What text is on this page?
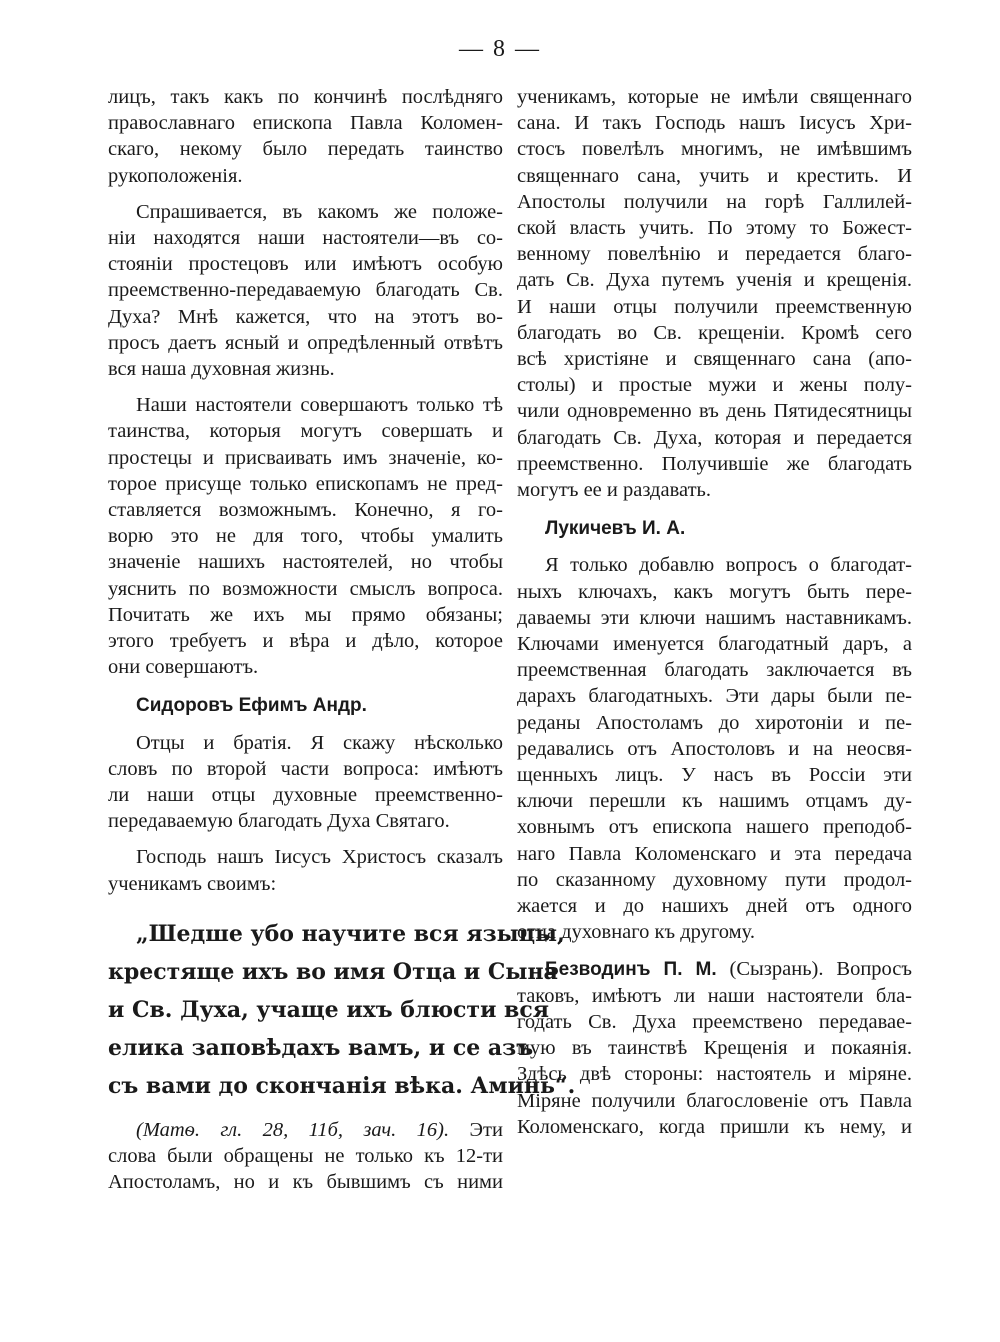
— 8 —
лицъ, такъ какъ по кончинѣ послѣдняго
православнаго епископа Павла Коломен-
скаго, некому было передать таинство
рукоположенія.
Спрашивается, въ какомъ же положе-
ніи находятся наши настоятели—въ со-
стояніи простецовъ или имѣютъ особую
преемственно-передаваемую благодать Св.
Духа? Мнѣ кажется, что на этотъ во-
просъ даетъ ясный и опредѣленный отвѣтъ
вся наша духовная жизнь.
Наши настоятели совершаютъ только тѣ
таинства, которыя могутъ совершать и
простецы и присваивать имъ значеніе, ко-
торое присуще только епископамъ не пред-
ставляется возможнымъ. Конечно, я го-
ворю это не для того, чтобы умалить
значеніе нашихъ настоятелей, но чтобы
уяснить по возможности смыслъ вопроса.
Почитать же ихъ мы прямо обязаны;
этого требуетъ и вѣра и дѣло, которое
они совершаютъ.
Сидоровъ Ефимъ Андр.
Отцы и братія. Я скажу нѣсколько
словъ по второй части вопроса: имѣютъ
ли наши отцы духовные преемственно-
передаваемую благодать Духа Святаго.
Господь нашъ Іисусъ Христосъ сказалъ
ученикамъ своимъ:
„Шедше убо научите вся языцы,
крестяще ихъ во имя Отца и Сына
и Св. Духа, учаще ихъ блюсти вся
елика заповѣдахъ вамъ, и се азъ
съ вами до скончанія вѣка. Аминь“.
(Матѳ. гл. 28, 11б, зач. 16). Эти
слова были обращены не только къ 12-ти
Апостоламъ, но и къ бывшимъ съ ними
ученикамъ, которые не имѣли священнаго
сана. И такъ Господь нашъ Іисусъ Хри-
стосъ повелѣлъ многимъ, не имѣвшимъ
священнаго сана, учить и крестить. И
Апостолы получили на горѣ Галлилей-
ской власть учить. По этому то Божест-
венному повелѣнію и передается благо-
дать Св. Духа путемъ ученія и крещенія.
И наши отцы получили преемственную
благодать во Св. крещеніи. Кромѣ сего
всѣ христіяне и священнаго сана (апо-
столы) и простые мужи и жены полу-
чили одновременно въ день Пятидесятницы
благодать Св. Духа, которая и передается
преемственно. Получившіе же благодать
могутъ ее и раздавать.
Лукичевъ И. А.
Я только добавлю вопросъ о благодат-
ныхъ ключахъ, какъ могутъ быть пере-
даваемы эти ключи нашимъ наставникамъ.
Ключами именуется благодатный даръ, а
преемственная благодать заключается въ
дарахъ благодатныхъ. Эти дары были пе-
реданы Апостоламъ до хиротоніи и пе-
редавались отъ Апостоловъ и на неосвя-
щенныхъ лицъ. У насъ въ Россіи эти
ключи перешли къ нашимъ отцамъ ду-
ховнымъ отъ епископа нашего преподоб-
наго Павла Коломенскаго и эта передача
по сказанному духовному пути продол-
жается и до нашихъ дней отъ одного
отца духовнаго къ другому.
Безводинъ П. М. (Сызрань). Вопросъ
таковъ, имѣютъ ли наши настоятели бла-
годать Св. Духа преемствено передавае-
мую въ таинствѣ Крещенія и покаянія.
Здѣсь двѣ стороны: настоятель и міряне.
Міряне получили благословеніе отъ Павла
Коломенскаго, когда пришли къ нему, и
